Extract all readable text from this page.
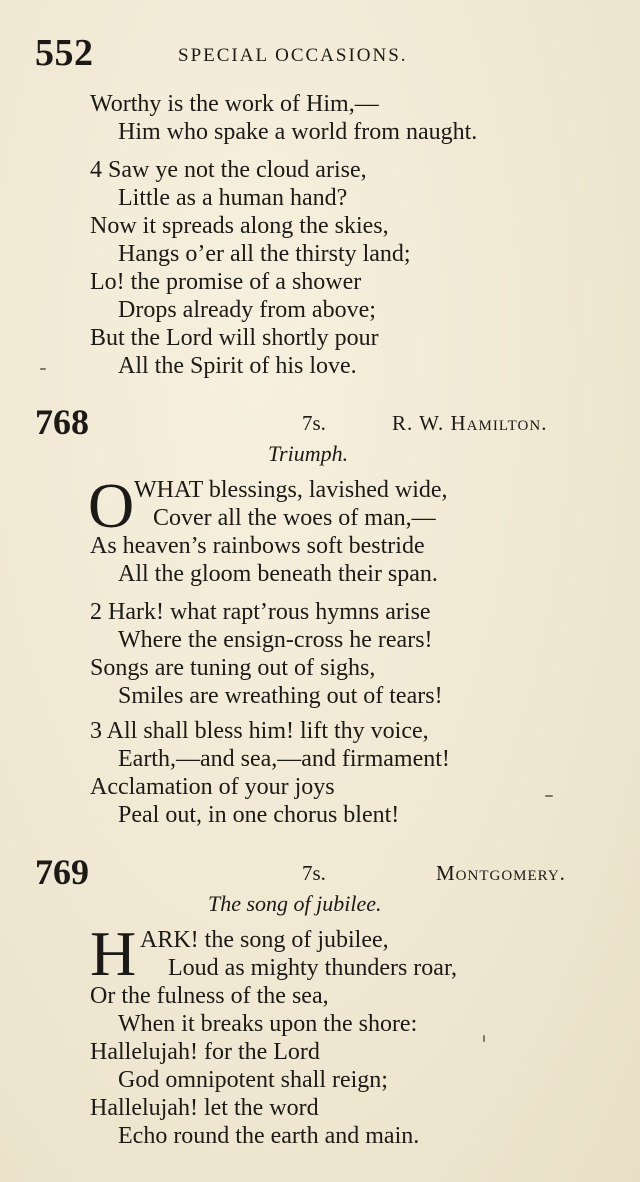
552	SPECIAL OCCASIONS.
Worthy is the work of Him,—
Him who spake a world from naught.
4 Saw ye not the cloud arise,
Little as a human hand?
Now it spreads along the skies,
Hangs o’er all the thirsty land;
Lo! the promise of a shower
Drops already from above;
But the Lord will shortly pour
All the Spirit of his love.
768	7s.	R. W. Hamilton.
Triumph.
O WHAT blessings, lavished wide,
Cover all the woes of man,—
As heaven’s rainbows soft bestride
All the gloom beneath their span.
2 Hark! what rapt’rous hymns arise
Where the ensign-cross he rears!
Songs are tuning out of sighs,
Smiles are wreathing out of tears!
3 All shall bless him! lift thy voice,
Earth,—and sea,—and firmament!
Acclamation of your joys
Peal out, in one chorus blent!
769	7s.	Montgomery.
The song of jubilee.
H ARK! the song of jubilee,
Loud as mighty thunders roar,
Or the fulness of the sea,
When it breaks upon the shore:
Hallelujah! for the Lord
God omnipotent shall reign;
Hallelujah! let the word
Echo round the earth and main.
